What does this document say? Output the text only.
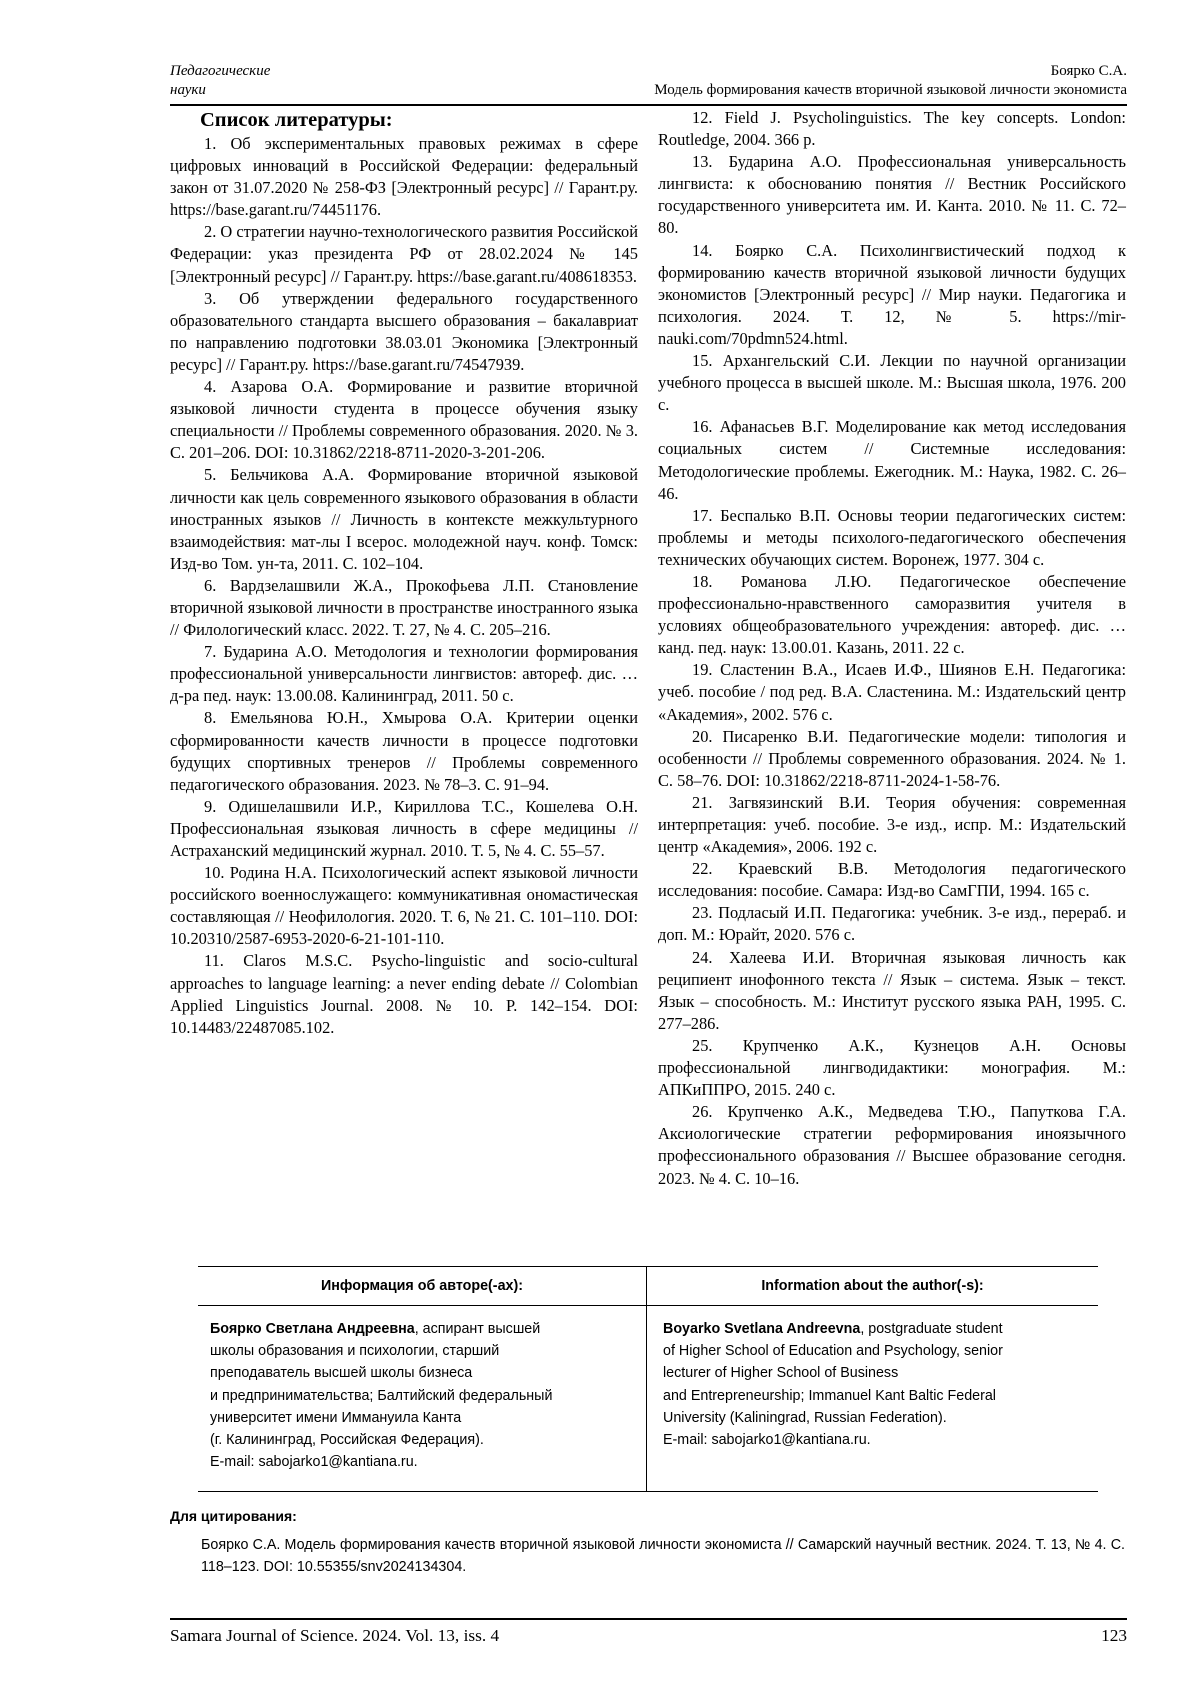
Педагогические науки
Боярко С.А.
Модель формирования качеств вторичной языковой личности экономиста
Список литературы:
1. Об экспериментальных правовых режимах в сфере цифровых инноваций в Российской Федерации: федеральный закон от 31.07.2020 № 258-ФЗ [Электронный ресурс] // Гарант.ру. https://base.garant.ru/74451176.
2. О стратегии научно-технологического развития Российской Федерации: указ президента РФ от 28.02.2024 № 145 [Электронный ресурс] // Гарант.ру. https://base.garant.ru/408618353.
3. Об утверждении федерального государственного образовательного стандарта высшего образования – бакалавриат по направлению подготовки 38.03.01 Экономика [Электронный ресурс] // Гарант.ру. https://base.garant.ru/74547939.
4. Азарова О.А. Формирование и развитие вторичной языковой личности студента в процессе обучения языку специальности // Проблемы современного образования. 2020. № 3. С. 201–206. DOI: 10.31862/2218-8711-2020-3-201-206.
5. Бельчикова А.А. Формирование вторичной языковой личности как цель современного языкового образования в области иностранных языков // Личность в контексте межкультурного взаимодействия: мат-лы I всерос. молодежной науч. конф. Томск: Изд-во Том. ун-та, 2011. С. 102–104.
6. Вардзелашвили Ж.А., Прокофьева Л.П. Становление вторичной языковой личности в пространстве иностранного языка // Филологический класс. 2022. Т. 27, № 4. С. 205–216.
7. Бударина А.О. Методология и технологии формирования профессиональной универсальности лингвистов: автореф. дис. … д-ра пед. наук: 13.00.08. Калининград, 2011. 50 с.
8. Емельянова Ю.Н., Хмырова О.А. Критерии оценки сформированности качеств личности в процессе подготовки будущих спортивных тренеров // Проблемы современного педагогического образования. 2023. № 78–3. С. 91–94.
9. Одишелашвили И.Р., Кириллова Т.С., Кошелева О.Н. Профессиональная языковая личность в сфере медицины // Астраханский медицинский журнал. 2010. Т. 5, № 4. С. 55–57.
10. Родина Н.А. Психологический аспект языковой личности российского военнослужащего: коммуникативная ономастическая составляющая // Неофилология. 2020. Т. 6, № 21. С. 101–110. DOI: 10.20310/2587-6953-2020-6-21-101-110.
11. Claros M.S.C. Psycho-linguistic and socio-cultural approaches to language learning: a never ending debate // Colombian Applied Linguistics Journal. 2008. № 10. P. 142–154. DOI: 10.14483/22487085.102.
12. Field J. Psycholinguistics. The key concepts. London: Routledge, 2004. 366 p.
13. Бударина А.О. Профессиональная универсальность лингвиста: к обоснованию понятия // Вестник Российского государственного университета им. И. Канта. 2010. № 11. С. 72–80.
14. Боярко С.А. Психолингвистический подход к формированию качеств вторичной языковой личности будущих экономистов [Электронный ресурс] // Мир науки. Педагогика и психология. 2024. Т. 12, № 5. https://mir-nauki.com/70pdmn524.html.
15. Архангельский С.И. Лекции по научной организации учебного процесса в высшей школе. М.: Высшая школа, 1976. 200 с.
16. Афанасьев В.Г. Моделирование как метод исследования социальных систем // Системные исследования: Методологические проблемы. Ежегодник. М.: Наука, 1982. С. 26–46.
17. Беспалько В.П. Основы теории педагогических систем: проблемы и методы психолого-педагогического обеспечения технических обучающих систем. Воронеж, 1977. 304 с.
18. Романова Л.Ю. Педагогическое обеспечение профессионально-нравственного саморазвития учителя в условиях общеобразовательного учреждения: автореф. дис. … канд. пед. наук: 13.00.01. Казань, 2011. 22 с.
19. Сластенин В.А., Исаев И.Ф., Шиянов Е.Н. Педагогика: учеб. пособие / под ред. В.А. Сластенина. М.: Издательский центр «Академия», 2002. 576 с.
20. Писаренко В.И. Педагогические модели: типология и особенности // Проблемы современного образования. 2024. № 1. С. 58–76. DOI: 10.31862/2218-8711-2024-1-58-76.
21. Загвязинский В.И. Теория обучения: современная интерпретация: учеб. пособие. 3-е изд., испр. М.: Издательский центр «Академия», 2006. 192 с.
22. Краевский В.В. Методология педагогического исследования: пособие. Самара: Изд-во СамГПИ, 1994. 165 с.
23. Подласый И.П. Педагогика: учебник. 3-е изд., перераб. и доп. М.: Юрайт, 2020. 576 с.
24. Халеева И.И. Вторичная языковая личность как реципиент инофонного текста // Язык – система. Язык – текст. Язык – способность. М.: Институт русского языка РАН, 1995. С. 277–286.
25. Крупченко А.К., Кузнецов А.Н. Основы профессиональной лингводидактики: монография. М.: АПКиППРО, 2015. 240 с.
26. Крупченко А.К., Медведева Т.Ю., Папуткова Г.А. Аксиологические стратегии реформирования иноязычного профессионального образования // Высшее образование сегодня. 2023. № 4. С. 10–16.
Информация об авторе(-ах):	Information about the author(-s):
Боярко Светлана Андреевна, аспирант высшей
школы образования и психологии, старший
преподаватель высшей школы бизнеса
и предпринимательства; Балтийский федеральный
университет имени Иммануила Канта
(г. Калининград, Российская Федерация).
E-mail: sabojarko1@kantiana.ru.
Boyarko Svetlana Andreevna, postgraduate student
of Higher School of Education and Psychology, senior
lecturer of Higher School of Business
and Entrepreneurship; Immanuel Kant Baltic Federal
University (Kaliningrad, Russian Federation).
E-mail: sabojarko1@kantiana.ru.
Для цитирования:
Боярко С.А. Модель формирования качеств вторичной языковой личности экономиста // Самарский научный вестник. 2024. Т. 13, № 4. С. 118–123. DOI: 10.55355/snv2024134304.
Samara Journal of Science. 2024. Vol. 13, iss. 4	123
